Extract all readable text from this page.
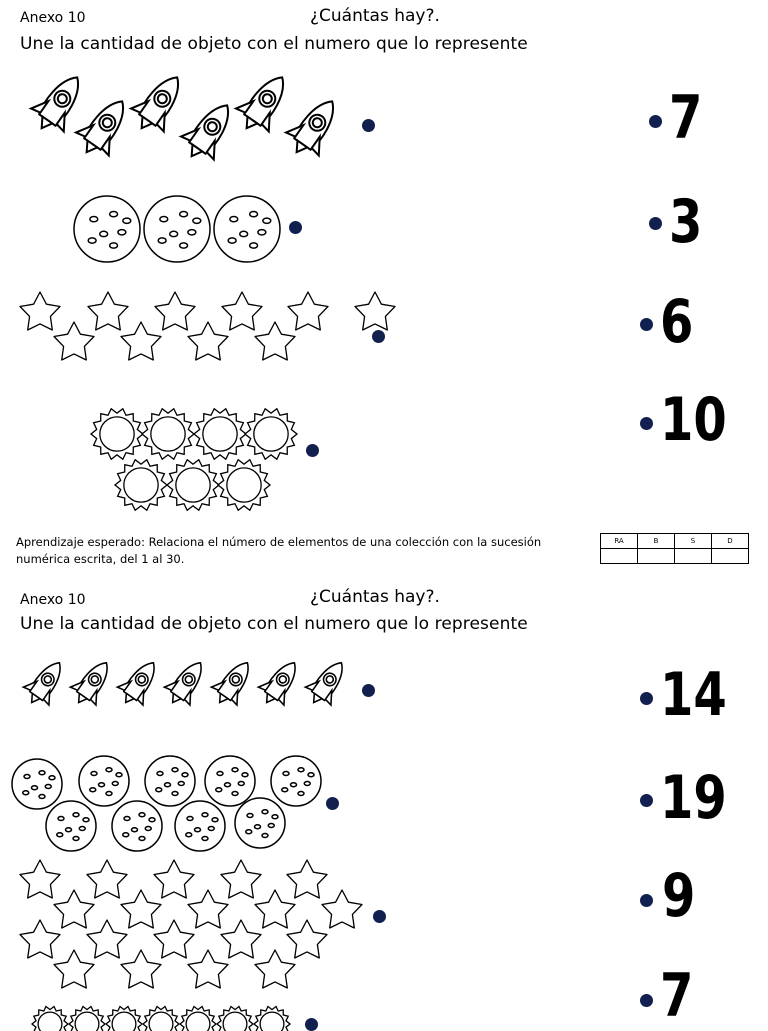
Anexo 10	¿Cuántas hay?.
Une la cantidad de objeto con el numero que lo represente
7
3
6
10
Aprendizaje esperado: Relaciona el número de elementos de una colección con la sucesión numérica escrita, del 1 al 30.
RA	B	S	D

Anexo 10	¿Cuántas hay?.
Une la cantidad de objeto con el numero que lo represente
14
19
9
7
